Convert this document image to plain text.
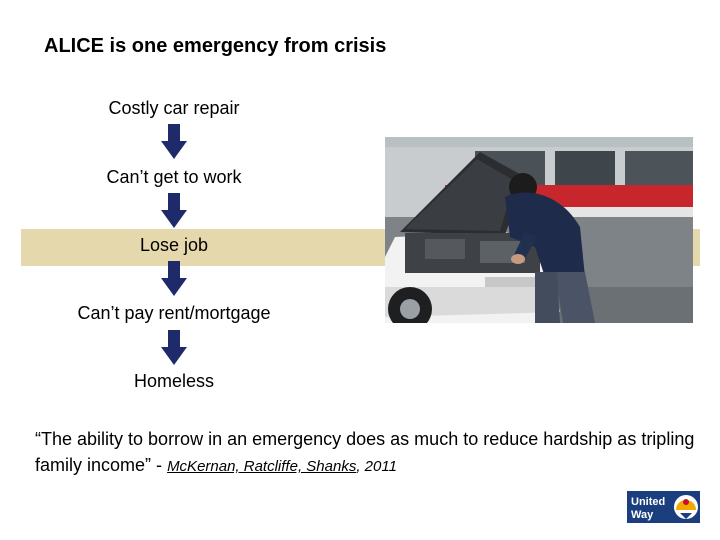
ALICE is one emergency from crisis
Costly car repair
Can’t get to work
Lose job
Can’t pay rent/mortgage
Homeless
“The ability to borrow in an emergency does as much to reduce hardship as tripling family income” - McKernan, Ratcliffe, Shanks, 2011
United
Way
